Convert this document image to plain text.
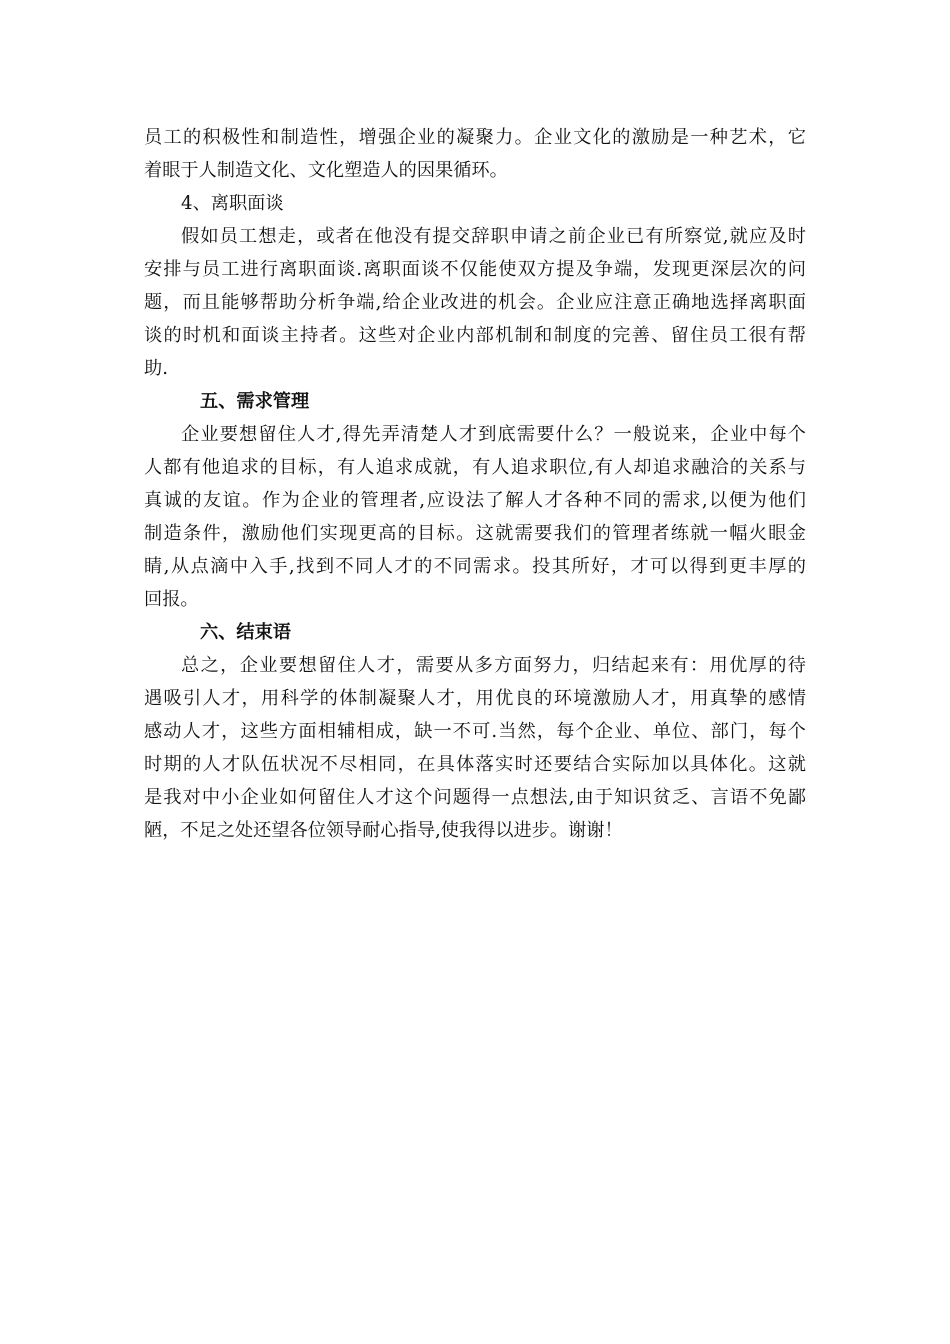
员工的积极性和制造性，增强企业的凝聚力。企业文化的激励是一种艺术，它
着眼于人制造文化、文化塑造人的因果循环。
4、离职面谈
假如员工想走，或者在他没有提交辞职申请之前企业已有所察觉,就应及时
安排与员工进行离职面谈.离职面谈不仅能使双方提及争端，发现更深层次的问
题，而且能够帮助分析争端,给企业改进的机会。企业应注意正确地选择离职面
谈的时机和面谈主持者。这些对企业内部机制和制度的完善、留住员工很有帮
助.
五、需求管理
企业要想留住人才,得先弄清楚人才到底需要什么？一般说来，企业中每个
人都有他追求的目标，有人追求成就，有人追求职位,有人却追求融洽的关系与
真诚的友谊。作为企业的管理者,应设法了解人才各种不同的需求,以便为他们
制造条件，激励他们实现更高的目标。这就需要我们的管理者练就一幅火眼金
睛,从点滴中入手,找到不同人才的不同需求。投其所好，才可以得到更丰厚的
回报。
六、结束语
总之，企业要想留住人才，需要从多方面努力，归结起来有：用优厚的待
遇吸引人才，用科学的体制凝聚人才，用优良的环境激励人才，用真挚的感情
感动人才，这些方面相辅相成，缺一不可.当然，每个企业、单位、部门，每个
时期的人才队伍状况不尽相同，在具体落实时还要结合实际加以具体化。这就
是我对中小企业如何留住人才这个问题得一点想法,由于知识贫乏、言语不免鄙
陋，不足之处还望各位领导耐心指导,使我得以进步。谢谢！
